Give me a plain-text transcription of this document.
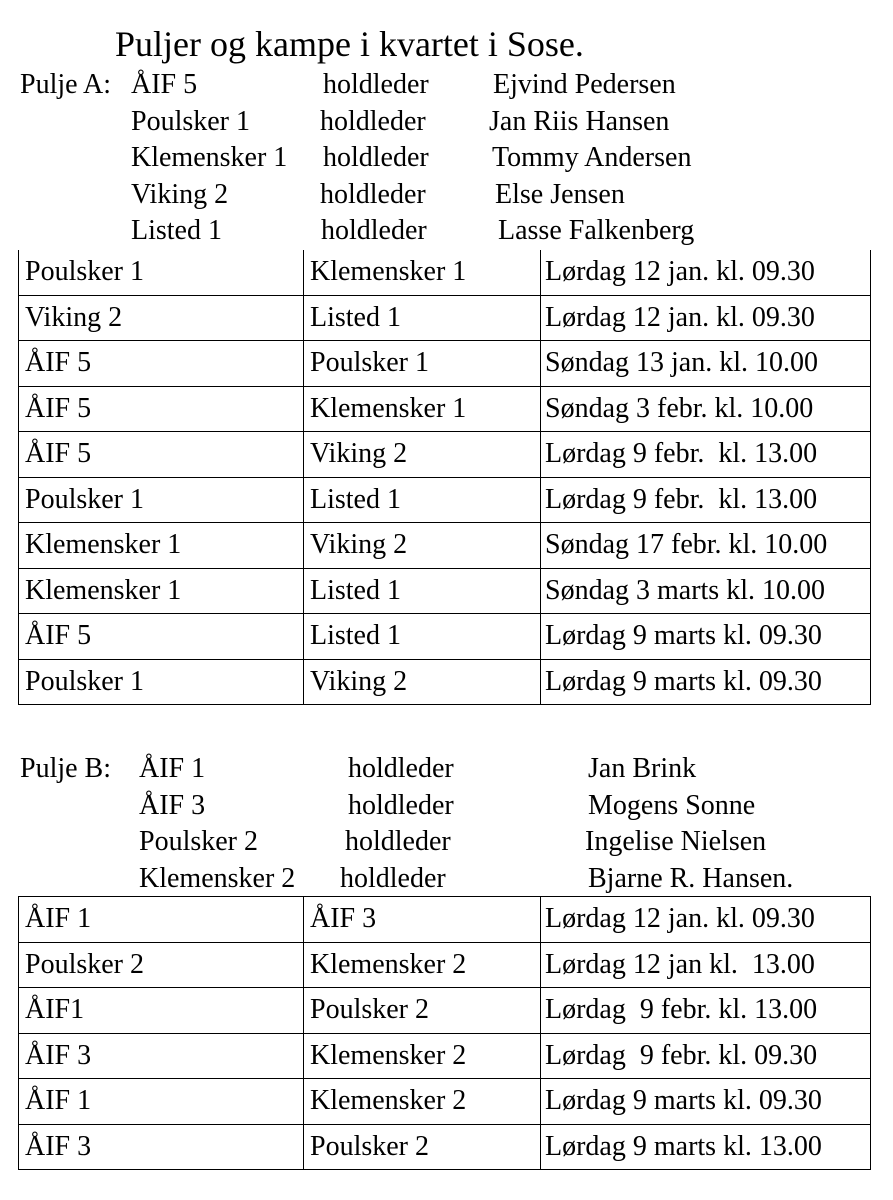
Puljer og kampe i kvartet i Sose.
Pulje A: ÅIF 5	holdleder Ejvind Pedersen
Poulsker 1	holdleder Jan Riis Hansen
Klemensker 1 holdleder Tommy Andersen
Viking 2	holdleder Else Jensen
Listed 1	holdleder	Lasse Falkenberg
Poulsker 1	Klemensker 1	Lørdag 12 jan. kl. 09.30
Viking 2	Listed 1	Lørdag 12 jan. kl. 09.30
ÅIF 5	Poulsker 1	Søndag 13 jan. kl. 10.00
ÅIF 5	Klemensker 1	Søndag 3 febr. kl. 10.00
ÅIF 5	Viking 2	Lørdag 9 febr.  kl. 13.00
Poulsker 1	Listed 1	Lørdag 9 febr.  kl. 13.00
Klemensker 1	Viking 2	Søndag 17 febr. kl. 10.00
Klemensker 1	Listed 1	Søndag 3 marts kl. 10.00
ÅIF 5	Listed 1	Lørdag 9 marts kl. 09.30
Poulsker 1	Viking 2	Lørdag 9 marts kl. 09.30
Pulje B: ÅIF 1	holdleder	Jan Brink
ÅIF 3	holdleder	Mogens Sonne
Poulsker 2	holdleder	Ingelise Nielsen
Klemensker 2 holdleder	Bjarne R. Hansen.
ÅIF 1	ÅIF 3	Lørdag 12 jan. kl. 09.30
Poulsker 2	Klemensker 2	Lørdag 12 jan kl.  13.00
ÅIF1	Poulsker 2	Lørdag  9 febr. kl. 13.00
ÅIF 3	Klemensker 2	Lørdag  9 febr. kl. 09.30
ÅIF 1	Klemensker 2	Lørdag 9 marts kl. 09.30
ÅIF 3	Poulsker 2	Lørdag 9 marts kl. 13.00
